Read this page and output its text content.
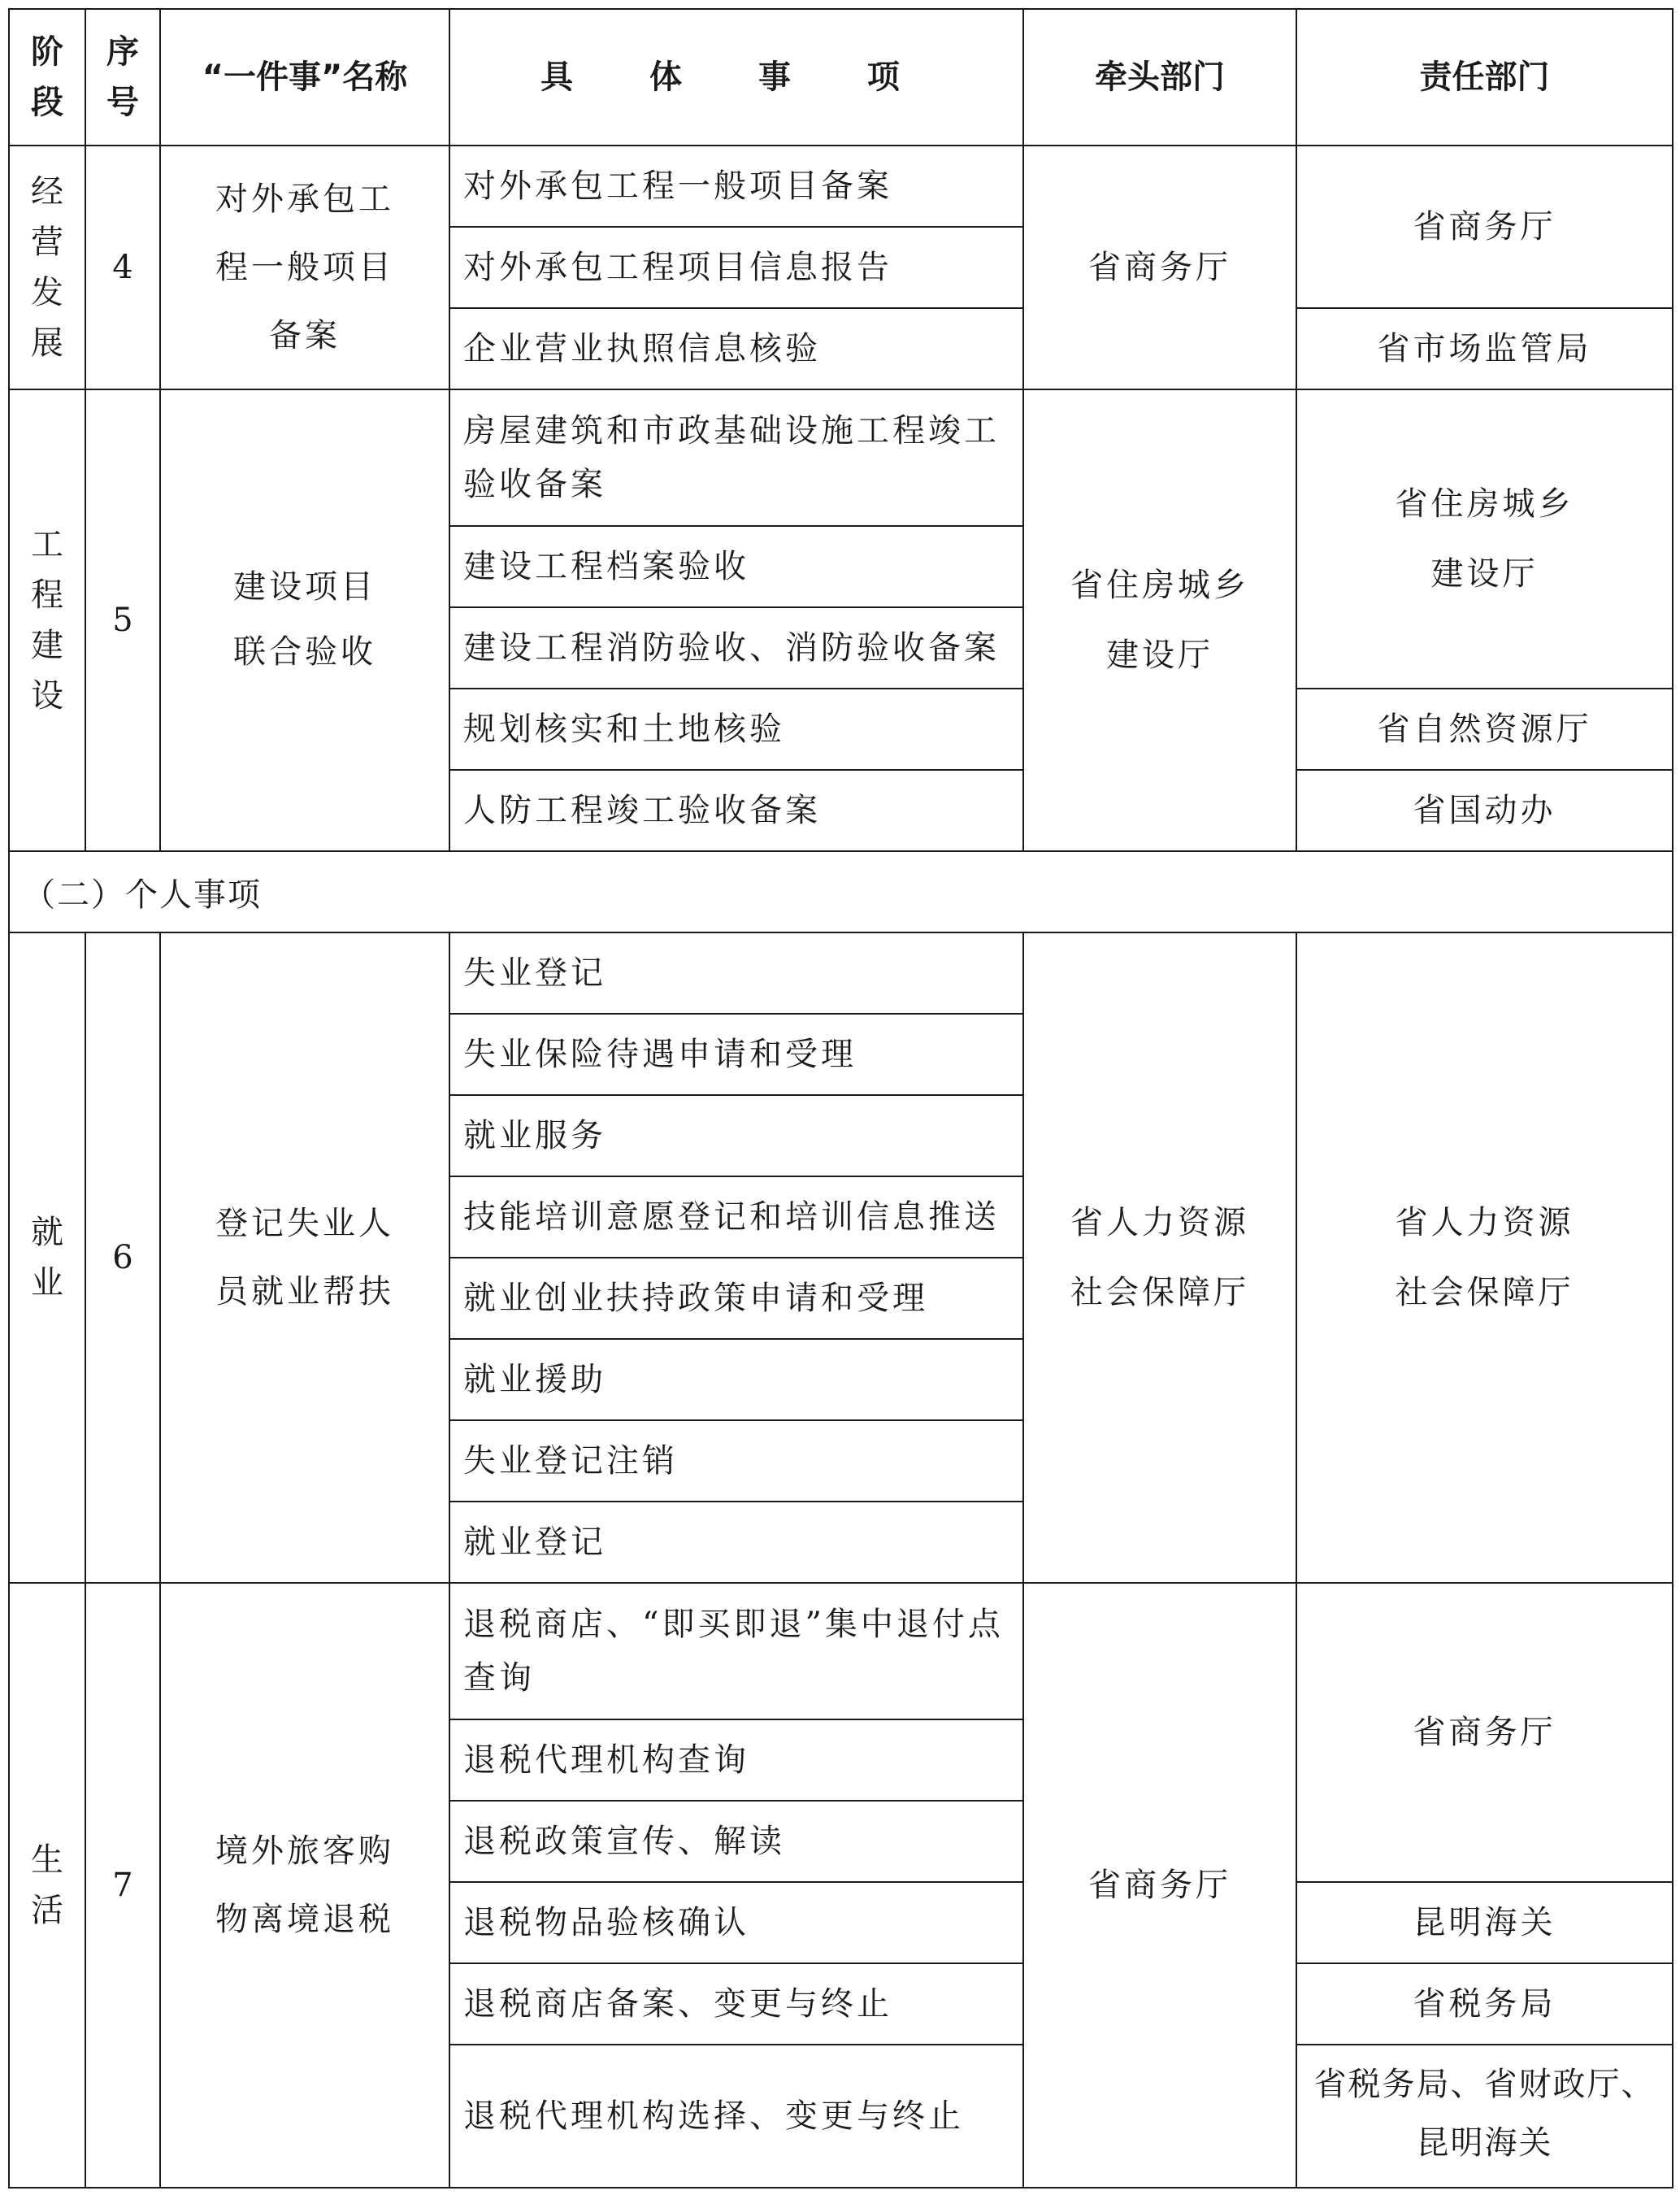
阶段	序号	“一件事”名称	具 体 事 项	牵头部门	责任部门
经营发展	4	对外承包工程一般项目备案	对外承包工程一般项目备案	省商务厅	省商务厅
			对外承包工程项目信息报告		
			企业营业执照信息核验		省市场监管局
工程建设	5	建设项目联合验收	房屋建筑和市政基础设施工程竣工验收备案	省住房城乡建设厅	省住房城乡建设厅
			建设工程档案验收		
			建设工程消防验收、消防验收备案		
			规划核实和土地核验		省自然资源厅
			人防工程竣工验收备案		省国动办
（二）个人事项					
就业	6	登记失业人员就业帮扶	失业登记	省人力资源社会保障厅	省人力资源社会保障厅
			失业保险待遇申请和受理		
			就业服务		
			技能培训意愿登记和培训信息推送		
			就业创业扶持政策申请和受理		
			就业援助		
			失业登记注销		
			就业登记		
生活	7	境外旅客购物离境退税	退税商店、“即买即退”集中退付点查询	省商务厅	省商务厅
			退税代理机构查询		
			退税政策宣传、解读		
			退税物品验核确认		昆明海关
			退税商店备案、变更与终止		省税务局
			退税代理机构选择、变更与终止		省税务局、省财政厅、昆明海关
